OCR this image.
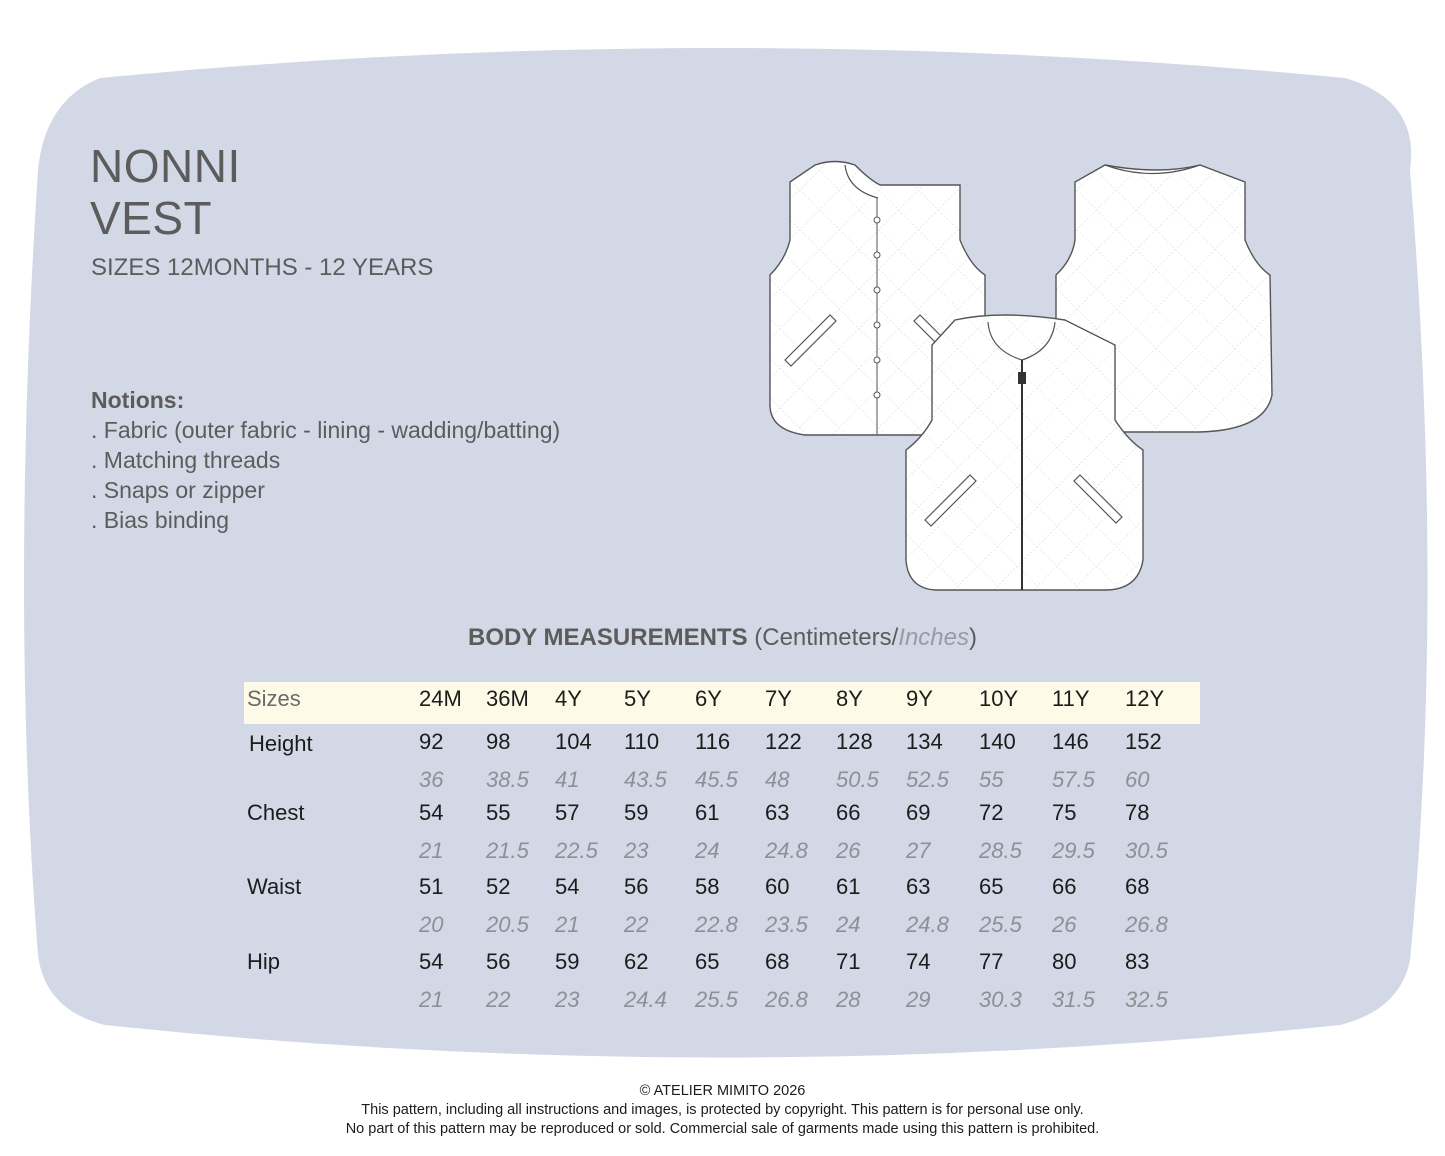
NONNI
VEST
SIZES 12MONTHS - 12 YEARS
Notions:
. Fabric (outer fabric - lining - wadding/batting)
. Matching threads
. Snaps or zipper
. Bias binding
BODY MEASUREMENTS (Centimeters/Inches)
Sizes	24M 36M 4Y 5Y 6Y 7Y 8Y 9Y 10Y 11Y 12Y
Height	92 98 104 110 116 122 128 134 140 146 152
36 38.5 41 43.5 45.5 48 50.5 52.5 55 57.5 60
Chest	54 55 57 59 61 63 66 69 72 75 78
21 21.5 22.5 23 24 24.8 26 27 28.5 29.5 30.5
Waist	51 52 54 56 58 60 61 63 65 66 68
20 20.5 21 22 22.8 23.5 24 24.8 25.5 26 26.8
Hip	54 56 59 62 65 68 71 74 77 80 83
21 22 23 24.4 25.5 26.8 28 29 30.3 31.5 32.5
© ATELIER MIMITO 2026
This pattern, including all instructions and images, is protected by copyright. This pattern is for personal use only.
No part of this pattern may be reproduced or sold. Commercial sale of garments made using this pattern is prohibited.
